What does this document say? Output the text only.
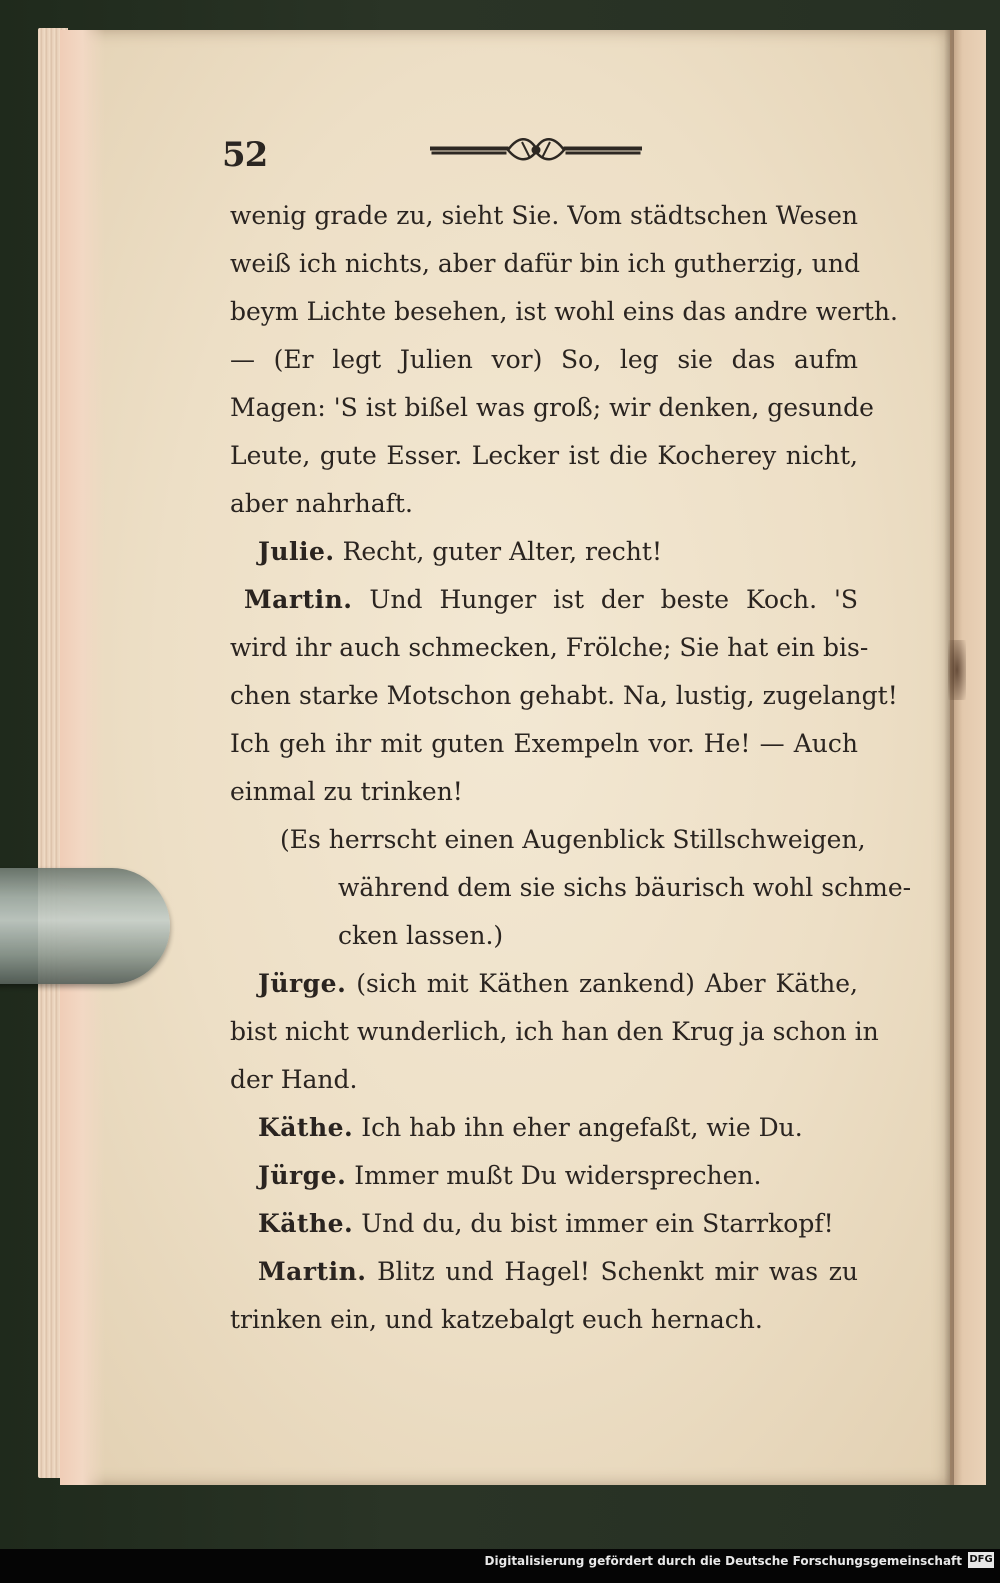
52
wenig grade zu, sieht Sie. Vom städtschen Wesen
weiß ich nichts, aber dafür bin ich gutherzig, und
beym Lichte besehen, ist wohl eins das andre werth.
— (Er legt Julien vor) So, leg sie das aufm
Magen: 'S ist bißel was groß; wir denken, gesunde
Leute, gute Esser. Lecker ist die Kocherey nicht,
aber nahrhaft.
Julie. Recht, guter Alter, recht!
Martin. Und Hunger ist der beste Koch. 'S
wird ihr auch schmecken, Frölche; Sie hat ein bis-
chen starke Motschon gehabt. Na, lustig, zugelangt!
Ich geh ihr mit guten Exempeln vor. He! — Auch
einmal zu trinken!
(Es herrscht einen Augenblick Stillschweigen,
während dem sie sichs bäurisch wohl schme-
cken lassen.)
Jürge. (sich mit Käthen zankend) Aber Käthe,
bist nicht wunderlich, ich han den Krug ja schon in
der Hand.
Käthe. Ich hab ihn eher angefaßt, wie Du.
Jürge. Immer mußt Du widersprechen.
Käthe. Und du, du bist immer ein Starrkopf!
Martin. Blitz und Hagel! Schenkt mir was zu
trinken ein, und katzebalgt euch hernach.
Digitalisierung gefördert durch die Deutsche Forschungsgemeinschaft DFG
